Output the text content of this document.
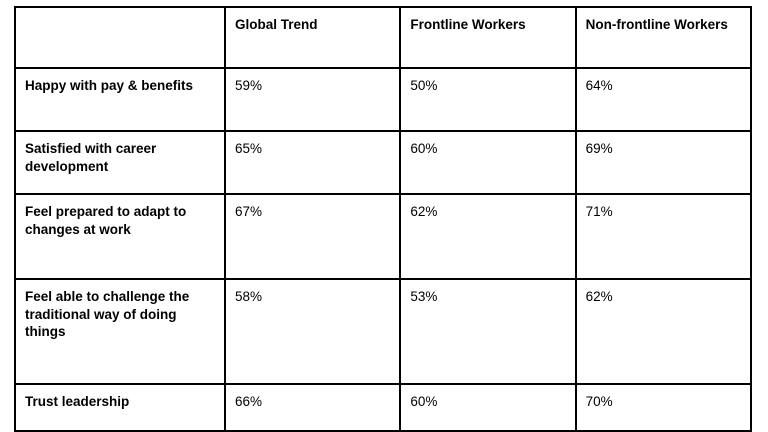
	Global Trend	Frontline Workers	Non-frontline Workers
Happy with pay & benefits	59%	50%	64%
Satisfied with career development	65%	60%	69%
Feel prepared to adapt to changes at work	67%	62%	71%
Feel able to challenge the traditional way of doing things	58%	53%	62%
Trust leadership	66%	60%	70%
